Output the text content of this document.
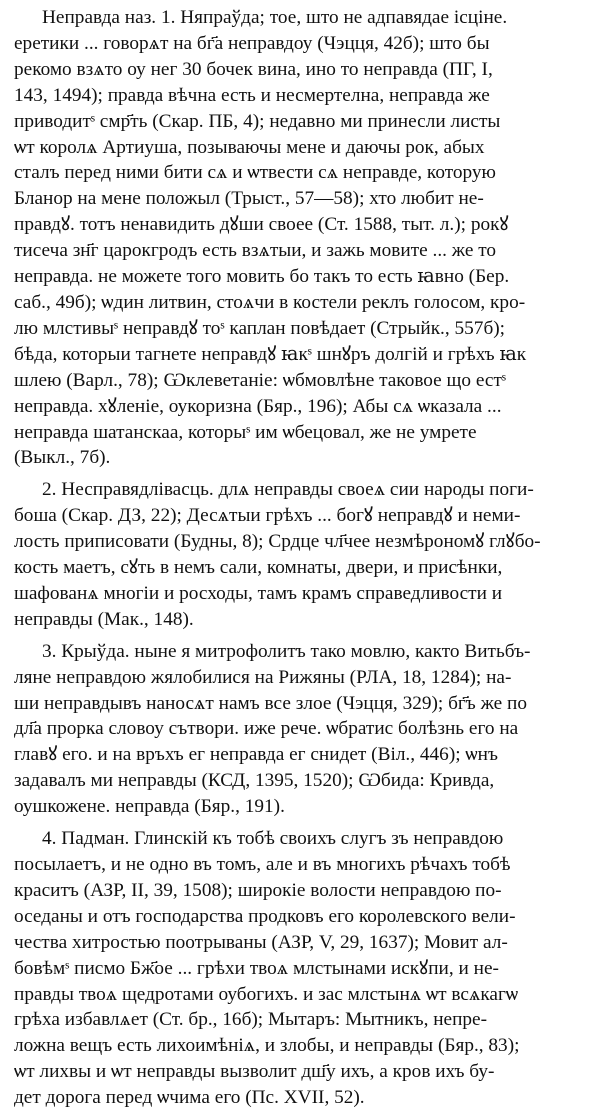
Неправда наз. 1. Няпраўда; тое, што не адпавядае ісціне.
еретики ... говорѧт на бг҃а неправдоу (Чэцця, 42б); што бы
рекомо взѧто оу нег 30 бочек вина, ино то неправда (ПГ, I,
143, 1494); правда вѣчна есть и несмертелна, неправда же
приводитˢ смр҃ть (Скар. ПБ, 4); недавно ми принесли листы
ѡт королѧ Артиуша, позываючы мене и даючы рок, абых
сталъ перед ними бити сѧ и ѡтвести сѧ неправде, которую
Бланор на мене положыл (Трыст., 57—58); хто любит не-
правдꙋ. тотъ ненавидить дꙋши своее (Ст. 1588, тыт. л.); рокꙋ
тисеча зн҃г царокгродъ есть взѧтыи, и зажь мовите ... же то
неправда. не можете того мовить бо такъ то есть ꙗвно (Бер.
саб., 49б); ѡдин литвин, стоѧчи в костели реклъ голосом, кро-
лю млстивыˢ неправдꙋ тоˢ каплан повѣдает (Стрыйк., 557б);
бѣда, которыи тагнете неправдꙋ ꙗкˢ шнꙋръ долгій и грѣхъ ꙗк
шлею (Варл., 78); Ѡклеветаніе: ѡбмовлѣне таковое що естˢ
неправда. хꙋленіе, оукоризна (Бяр., 196); Абы сѧ ѡказала ...
неправда шатанскаа, которыˢ им ѡбецовал, же не умрете
(Выкл., 7б).
2. Несправядлівасць. длѧ неправды своеѧ сии народы поги-
боша (Скар. ДЗ, 22); Десѧтыи грѣхъ ... богꙋ неправдꙋ и неми-
лость приписовати (Будны, 8); Срдце чл҃чее незмѣрономꙋ глꙋбо-
кость маетъ, сꙋть в немъ сали, комнаты, двери, и присѣнки,
шафованѧ многіи и росходы, тамъ крамъ справедливости и
неправды (Мак., 148).
3. Крыўда. ныне я митрофолитъ тако мовлю, както Витьбъ-
ляне неправдою жялобилися на Рижяны (РЛА, 18, 1284); на-
ши неправдывъ наносѧт намъ все злое (Чэцця, 329); бг҃ъ же по
дл҃а прорка словоу сътвори. иже рече. ѡбратис болѣзнь его на
главꙋ его. и на връхъ ег неправда ег снидет (Віл., 446); ѡнъ
задавалъ ми неправды (КСД, 1395, 1520); Ѡбида: Кривда,
оушкожене. неправда (Бяр., 191).
4. Падман. Глинскій къ тобѣ своихъ слугъ зъ неправдою
посылаетъ, и не одно въ томъ, але и въ многихъ рѣчахъ тобѣ
краситъ (АЗР, II, 39, 1508); широкіе волости неправдою по-
оседаны и отъ господарства продковъ его королевского вели-
чества хитростью поотрываны (АЗР, V, 29, 1637); Мовит ал-
бовѣмˢ писмо Бж҃ое ... грѣхи твоѧ млстынами искꙋпи, и не-
правды твоѧ щедротами оубогихъ. и зас млстынѧ ѡт всѧкагѡ
грѣха избавлѧет (Ст. бр., 16б); Мытаръ: Мытникъ, непре-
ложна вещъ есть лихоимѣніѧ, и злобы, и неправды (Бяр., 83);
ѡт лихвы и ѡт неправды вызволит дш҃у ихъ, а кров ихъ бу-
дет дорога перед ѡчима его (Пс. XVII, 52).
